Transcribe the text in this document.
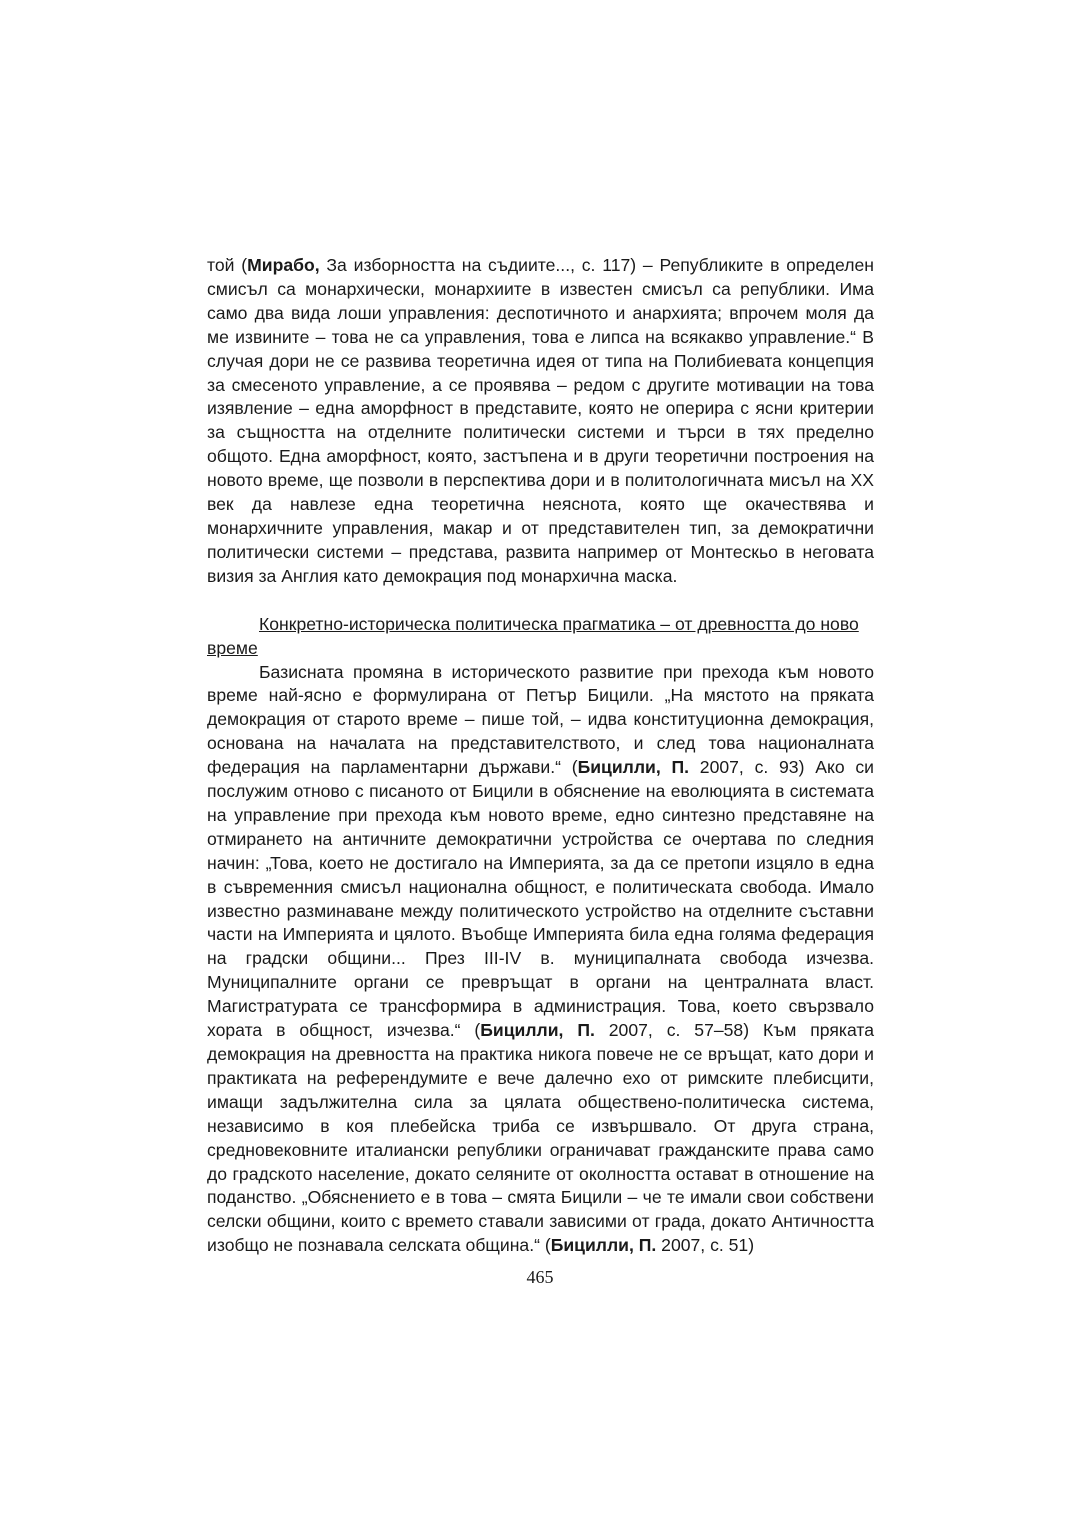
той (Мирабо, За изборността на съдиите..., с. 117) – Републиките в определен смисъл са монархически, монархиите в известен смисъл са републики. Има само два вида лоши управления: деспотичното и анархията; впрочем моля да ме извините – това не са управления, това е липса на всякакво управление.“ В случая дори не се развива теоретична идея от типа на Полибиевата концепция за смесеното управление, а се проявява – редом с другите мотивации на това изявление – една аморфност в представите, която не оперира с ясни критерии за същността на отделните политически системи и търси в тях пределно общото. Една аморфност, която, застъпена и в други теоретични построения на новото време, ще позволи в перспектива дори и в политологичната мисъл на XX век да навлезе една теоретична неяснота, която ще окачествява и монархичните управления, макар и от представителен тип, за демократични политически системи – представа, развита например от Монтескьо в неговата визия за Англия като демокрация под монархична маска.

Конкретно-историческа политическа прагматика – от древността до ново време

Базисната промяна в историческото развитие при прехода към новото време най-ясно е формулирана от Петър Бицили. „На мястото на пряката демокрация от старото време – пише той, – идва конституционна демокрация, основана на началата на представителството, и след това националната федерация на парламентарни държави.“ (Бицилли, П. 2007, с. 93) Ако си послужим отново с писаното от Бицили в обяснение на еволюцията в системата на управление при прехода към новото време, едно синтезно представяне на отмирането на античните демократични устройства се очертава по следния начин: „Това, което не достигало на Империята, за да се претопи изцяло в една в съвременния смисъл национална общност, е политическата свобода. Имало известно разминаване между политическото устройство на отделните съставни части на Империята и цялото. Въобще Империята била една голяма федерация на градски общини... През III-IV в. муниципалната свобода изчезва. Муниципалните органи се превръщат в органи на централната власт. Магистратурата се трансформира в администрация. Това, което свързвало хората в общност, изчезва.“ (Бицилли, П. 2007, с. 57–58) Към пряката демокрация на древността на практика никога повече не се връщат, като дори и практиката на референдумите е вече далечно ехо от римските плебисцити, имащи задължителна сила за цялата обществено-политическа система, независимо в коя плебейска триба се извършвало. От друга страна, средновековните италиански републики ограничават гражданските права само до градското население, докато селяните от околността остават в отношение на поданство. „Обяснението е в това – смята Бицили – че те имали свои собствени селски общини, които с времето ставали зависими от града, докато Античността изобщо не познавала селската община.“ (Бицилли, П. 2007, с. 51)

465
